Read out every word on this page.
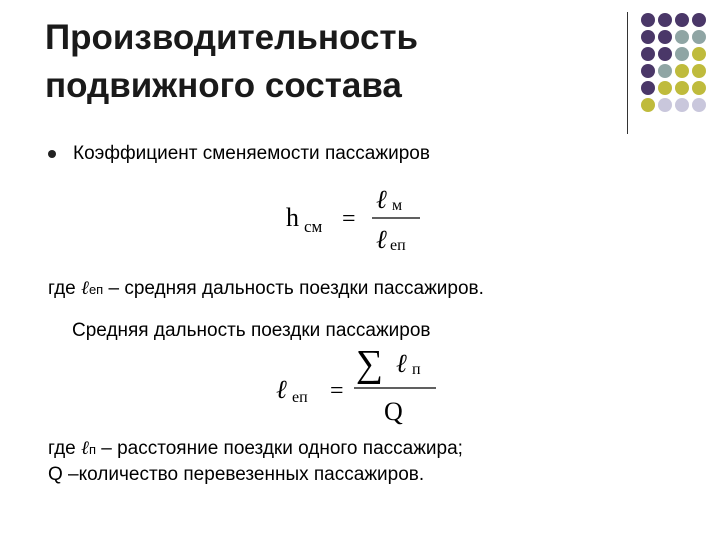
Производительность
подвижного состава
Коэффициент сменяемости пассажиров
h см =
ℓ м
ℓ еп
где ℓеп – средняя дальность поездки пассажиров.
Средняя дальность поездки пассажиров
ℓ еп =
∑ ℓ п
Q
где ℓп – расстояние поездки одного пассажира;
Q –количество перевезенных пассажиров.
